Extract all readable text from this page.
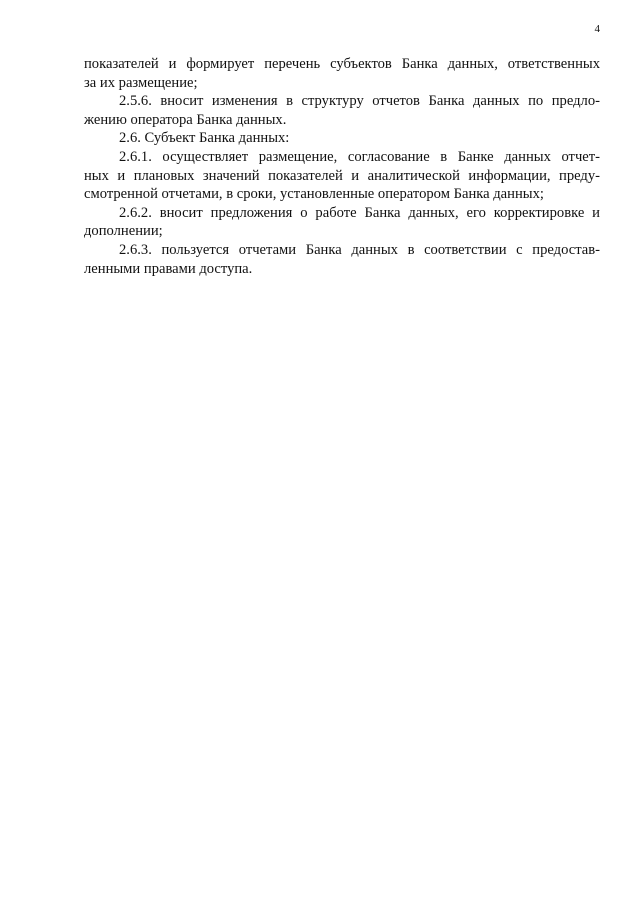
4
показателей и формирует перечень субъектов Банка данных, ответственных
за их размещение;
2.5.6. вносит изменения в структуру отчетов Банка данных по предло-
жению оператора Банка данных.
2.6. Субъект Банка данных:
2.6.1. осуществляет размещение, согласование в Банке данных отчет-
ных и плановых значений показателей и аналитической информации, преду-
смотренной отчетами, в сроки, установленные оператором Банка данных;
2.6.2. вносит предложения о работе Банка данных, его корректировке и
дополнении;
2.6.3. пользуется отчетами Банка данных в соответствии с предостав-
ленными правами доступа.
